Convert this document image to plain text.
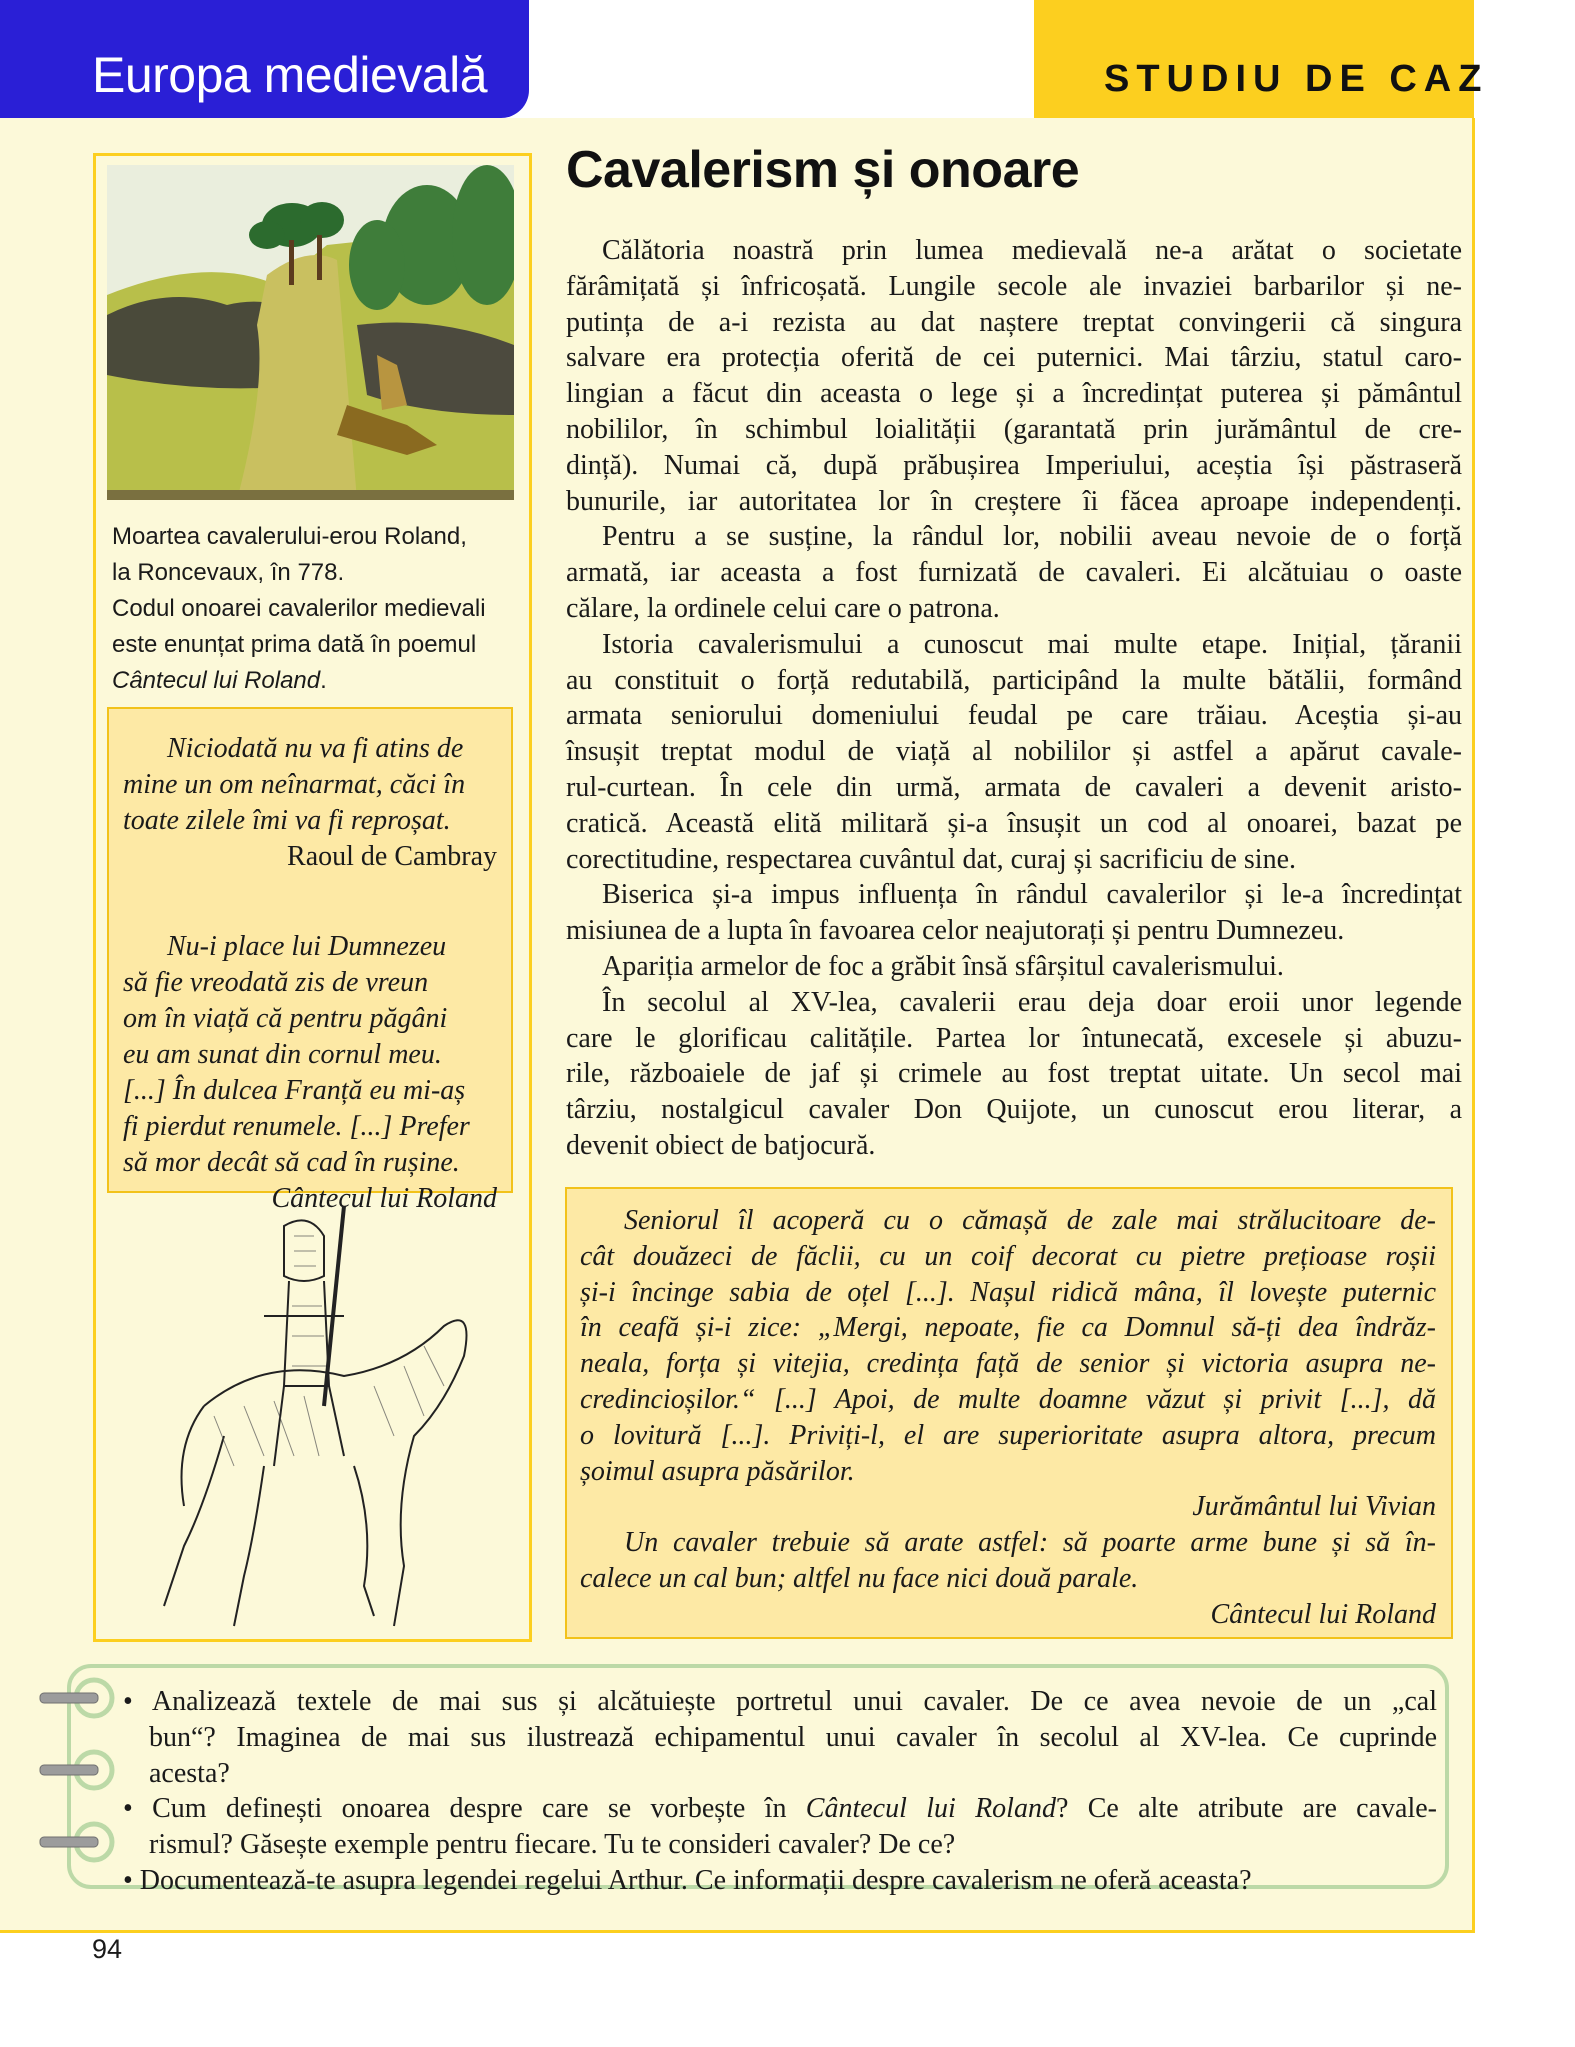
Europa medievală	STUDIU DE CAZ
Moartea cavalerului-erou Roland,
la Roncevaux, în 778.
Codul onoarei cavalerilor medievali
este enunțat prima dată în poemul
Cântecul lui Roland.
Niciodată nu va fi atins de
mine un om neînarmat, căci în
toate zilele îmi va fi reproșat.
Raoul de Cambray
Nu-i place lui Dumnezeu
să fie vreodată zis de vreun
om în viață că pentru păgâni
eu am sunat din cornul meu.
[...] În dulcea Franță eu mi-aș
fi pierdut renumele. [...] Prefer
să mor decât să cad în rușine.
Cântecul lui Roland
Cavalerism și onoare
Călătoria noastră prin lumea medievală ne-a arătat o societate
fărâmițată și înfricoșată. Lungile secole ale invaziei barbarilor și ne-
putința de a-i rezista au dat naștere treptat convingerii că singura
salvare era protecția oferită de cei puternici. Mai târziu, statul caro-
lingian a făcut din aceasta o lege și a încredințat puterea și pământul
nobililor, în schimbul loialității (garantată prin jurământul de cre-
dință). Numai că, după prăbușirea Imperiului, aceștia își păstraseră
bunurile, iar autoritatea lor în creștere îi făcea aproape independenți.
Pentru a se susține, la rândul lor, nobilii aveau nevoie de o forță
armată, iar aceasta a fost furnizată de cavaleri. Ei alcătuiau o oaste
călare, la ordinele celui care o patrona.
Istoria cavalerismului a cunoscut mai multe etape. Inițial, țăranii
au constituit o forță redutabilă, participând la multe bătălii, formând
armata seniorului domeniului feudal pe care trăiau. Aceștia și-au
însușit treptat modul de viață al nobililor și astfel a apărut cavale-
rul-curtean. În cele din urmă, armata de cavaleri a devenit aristo-
cratică. Această elită militară și-a însușit un cod al onoarei, bazat pe
corectitudine, respectarea cuvântul dat, curaj și sacrificiu de sine.
Biserica și-a impus influența în rândul cavalerilor și le-a încredințat
misiunea de a lupta în favoarea celor neajutorați și pentru Dumnezeu.
Apariția armelor de foc a grăbit însă sfârșitul cavalerismului.
În secolul al XV-lea, cavalerii erau deja doar eroii unor legende
care le glorificau calitățile. Partea lor întunecată, excesele și abuzu-
rile, războaiele de jaf și crimele au fost treptat uitate. Un secol mai
târziu, nostalgicul cavaler Don Quijote, un cunoscut erou literar, a
devenit obiect de batjocură.
Seniorul îl acoperă cu o cămașă de zale mai strălucitoare de-
cât douăzeci de făclii, cu un coif decorat cu pietre prețioase roșii
și-i încinge sabia de oțel [...]. Nașul ridică mâna, îl lovește puternic
în ceafă și-i zice: „Mergi, nepoate, fie ca Domnul să-ți dea îndrăz-
neala, forța și vitejia, credința față de senior și victoria asupra ne-
credincioșilor.“ [...] Apoi, de multe doamne văzut și privit [...], dă
o lovitură [...]. Priviți-l, el are superioritate asupra altora, precum
șoimul asupra păsărilor.
Jurământul lui Vivian
Un cavaler trebuie să arate astfel: să poarte arme bune și să în-
calece un cal bun; altfel nu face nici două parale.
Cântecul lui Roland
• Analizează textele de mai sus și alcătuiește portretul unui cavaler. De ce avea nevoie de un „cal
bun“? Imaginea de mai sus ilustrează echipamentul unui cavaler în secolul al XV-lea. Ce cuprinde
acesta?
• Cum definești onoarea despre care se vorbește în Cântecul lui Roland? Ce alte atribute are cavale-
rismul? Găsește exemple pentru fiecare. Tu te consideri cavaler? De ce?
• Documentează-te asupra legendei regelui Arthur. Ce informații despre cavalerism ne oferă aceasta?
94
